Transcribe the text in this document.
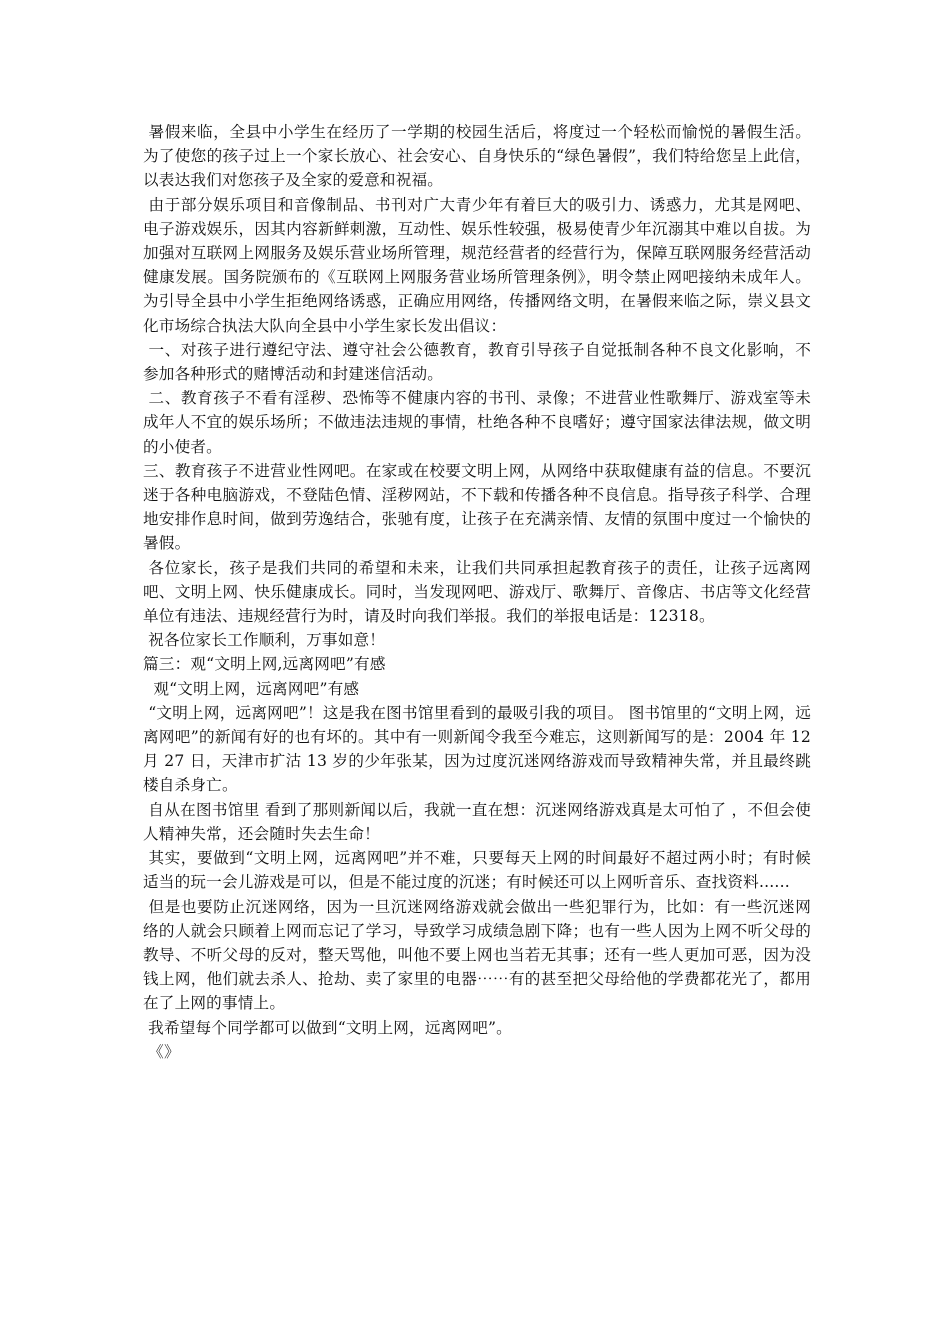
暑假来临，全县中小学生在经历了一学期的校园生活后，将度过一个轻松而愉悦的暑假生活。为了使您的孩子过上一个家长放心、社会安心、自身快乐的“绿色暑假”，我们特给您呈上此信，以表达我们对您孩子及全家的爱意和祝福。

由于部分娱乐项目和音像制品、书刊对广大青少年有着巨大的吸引力、诱惑力，尤其是网吧、电子游戏娱乐，因其内容新鲜刺激，互动性、娱乐性较强，极易使青少年沉溺其中难以自拔。为加强对互联网上网服务及娱乐营业场所管理，规范经营者的经营行为，保障互联网服务经营活动健康发展。国务院颁布的《互联网上网服务营业场所管理条例》，明令禁止网吧接纳未成年人。为引导全县中小学生拒绝网络诱惑，正确应用网络，传播网络文明，在暑假来临之际，崇义县文化市场综合执法大队向全县中小学生家长发出倡议：

一、对孩子进行遵纪守法、遵守社会公德教育，教育引导孩子自觉抵制各种不良文化影响，不参加各种形式的赌博活动和封建迷信活动。

二、教育孩子不看有淫秽、恐怖等不健康内容的书刊、录像；不进营业性歌舞厅、游戏室等未成年人不宜的娱乐场所；不做违法违规的事情，杜绝各种不良嗜好；遵守国家法律法规，做文明的小使者。

三、教育孩子不进营业性网吧。在家或在校要文明上网，从网络中获取健康有益的信息。不要沉迷于各种电脑游戏，不登陆色情、淫秽网站，不下载和传播各种不良信息。指导孩子科学、合理地安排作息时间，做到劳逸结合，张驰有度，让孩子在充满亲情、友情的氛围中度过一个愉快的暑假。

各位家长，孩子是我们共同的希望和未来，让我们共同承担起教育孩子的责任，让孩子远离网吧、文明上网、快乐健康成长。同时，当发现网吧、游戏厅、歌舞厅、音像店、书店等文化经营单位有违法、违规经营行为时，请及时向我们举报。我们的举报电话是：12318。

祝各位家长工作顺利，万事如意！

篇三：观“文明上网,远离网吧”有感

观“文明上网，远离网吧”有感

“文明上网，远离网吧”！这是我在图书馆里看到的最吸引我的项目。 图书馆里的“文明上网，远离网吧”的新闻有好的也有坏的。其中有一则新闻令我至今难忘，这则新闻写的是：2004 年 12 月 27 日，天津市扩沽 13 岁的少年张某，因为过度沉迷网络游戏而导致精神失常，并且最终跳楼自杀身亡。

自从在图书馆里 看到了那则新闻以后，我就一直在想：沉迷网络游戏真是太可怕了 ，不但会使人精神失常，还会随时失去生命！

其实，要做到“文明上网，远离网吧”并不难，只要每天上网的时间最好不超过两小时；有时候适当的玩一会儿游戏是可以，但是不能过度的沉迷；有时候还可以上网听音乐、查找资料......

但是也要防止沉迷网络，因为一旦沉迷网络游戏就会做出一些犯罪行为，比如：有一些沉迷网络的人就会只顾着上网而忘记了学习，导致学习成绩急剧下降；也有一些人因为上网不听父母的教导、不听父母的反对，整天骂他，叫他不要上网也当若无其事；还有一些人更加可恶，因为没钱上网，他们就去杀人、抢劫、卖了家里的电器⋯⋯有的甚至把父母给他的学费都花光了，都用在了上网的事情上。

我希望每个同学都可以做到“文明上网，远离网吧”。

《》
